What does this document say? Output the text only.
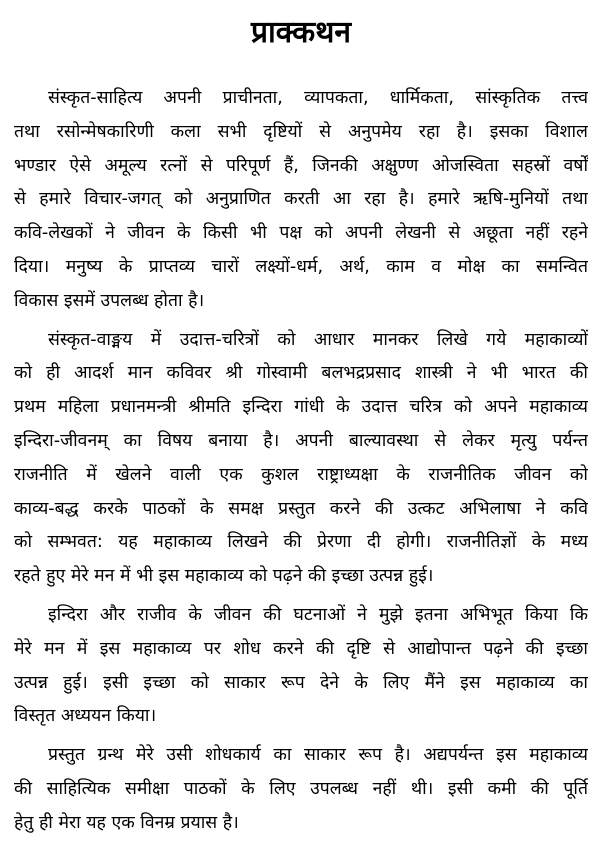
प्राक्कथन
संस्कृत-साहित्य अपनी प्राचीनता, व्यापकता, धार्मिकता, सांस्कृतिक तत्त्व
तथा रसोन्मेषकारिणी कला सभी दृष्टियों से अनुपमेय रहा है। इसका विशाल
भण्डार ऐसे अमूल्य रत्नों से परिपूर्ण हैं, जिनकी अक्षुण्ण ओजस्विता सहस्रों वर्षों
से हमारे विचार-जगत् को अनुप्राणित करती आ रहा है। हमारे ऋषि-मुनियों तथा
कवि-लेखकों ने जीवन के किसी भी पक्ष को अपनी लेखनी से अछूता नहीं रहने
दिया। मनुष्य के प्राप्तव्य चारों लक्ष्यों-धर्म, अर्थ, काम व मोक्ष का समन्वित
विकास इसमें उपलब्ध होता है।
संस्कृत-वाङ्मय में उदात्त-चरित्रों को आधार मानकर लिखे गये महाकाव्यों
को ही आदर्श मान कविवर श्री गोस्वामी बलभद्रप्रसाद शास्त्री ने भी भारत की
प्रथम महिला प्रधानमन्त्री श्रीमति इन्दिरा गांधी के उदात्त चरित्र को अपने महाकाव्य
इन्दिरा-जीवनम् का विषय बनाया है। अपनी बाल्यावस्था से लेकर मृत्यु पर्यन्त
राजनीति में खेलने वाली एक कुशल राष्ट्राध्यक्षा के राजनीतिक जीवन को
काव्य-बद्ध करके पाठकों के समक्ष प्रस्तुत करने की उत्कट अभिलाषा ने कवि
को सम्भवत: यह महाकाव्य लिखने की प्रेरणा दी होगी। राजनीतिज्ञों के मध्य
रहते हुए मेरे मन में भी इस महाकाव्य को पढ़ने की इच्छा उत्पन्न हुई।
इन्दिरा और राजीव के जीवन की घटनाओं ने मुझे इतना अभिभूत किया कि
मेरे मन में इस महाकाव्य पर शोध करने की दृष्टि से आद्योपान्त पढ़ने की इच्छा
उत्पन्न हुई। इसी इच्छा को साकार रूप देने के लिए मैंने इस महाकाव्य का
विस्तृत अध्ययन किया।
प्रस्तुत ग्रन्थ मेरे उसी शोधकार्य का साकार रूप है। अद्यपर्यन्त इस महाकाव्य
की साहित्यिक समीक्षा पाठकों के लिए उपलब्ध नहीं थी। इसी कमी की पूर्ति
हेतु ही मेरा यह एक विनम्र प्रयास है।
